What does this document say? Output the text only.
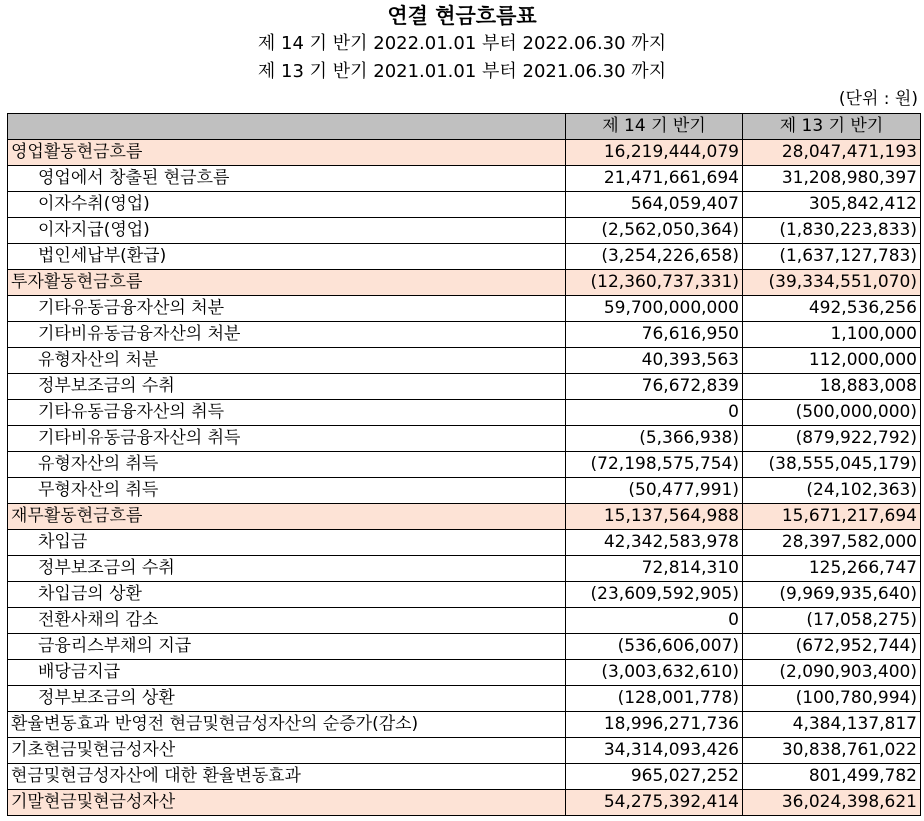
연결 현금흐름표
제 14 기 반기 2022.01.01 부터 2022.06.30 까지
제 13 기 반기 2021.01.01 부터 2021.06.30 까지
(단위 : 원)
	제 14 기 반기	제 13 기 반기
영업활동현금흐름	16,219,444,079	28,047,471,193
영업에서 창출된 현금흐름	21,471,661,694	31,208,980,397
이자수취(영업)	564,059,407	305,842,412
이자지급(영업)	(2,562,050,364)	(1,830,223,833)
법인세납부(환급)	(3,254,226,658)	(1,637,127,783)
투자활동현금흐름	(12,360,737,331)	(39,334,551,070)
기타유동금융자산의 처분	59,700,000,000	492,536,256
기타비유동금융자산의 처분	76,616,950	1,100,000
유형자산의 처분	40,393,563	112,000,000
정부보조금의 수취	76,672,839	18,883,008
기타유동금융자산의 취득	0	(500,000,000)
기타비유동금융자산의 취득	(5,366,938)	(879,922,792)
유형자산의 취득	(72,198,575,754)	(38,555,045,179)
무형자산의 취득	(50,477,991)	(24,102,363)
재무활동현금흐름	15,137,564,988	15,671,217,694
차입금	42,342,583,978	28,397,582,000
정부보조금의 수취	72,814,310	125,266,747
차입금의 상환	(23,609,592,905)	(9,969,935,640)
전환사채의 감소	0	(17,058,275)
금융리스부채의 지급	(536,606,007)	(672,952,744)
배당금지급	(3,003,632,610)	(2,090,903,400)
정부보조금의 상환	(128,001,778)	(100,780,994)
환율변동효과 반영전 현금및현금성자산의 순증가(감소)	18,996,271,736	4,384,137,817
기초현금및현금성자산	34,314,093,426	30,838,761,022
현금및현금성자산에 대한 환율변동효과	965,027,252	801,499,782
기말현금및현금성자산	54,275,392,414	36,024,398,621
